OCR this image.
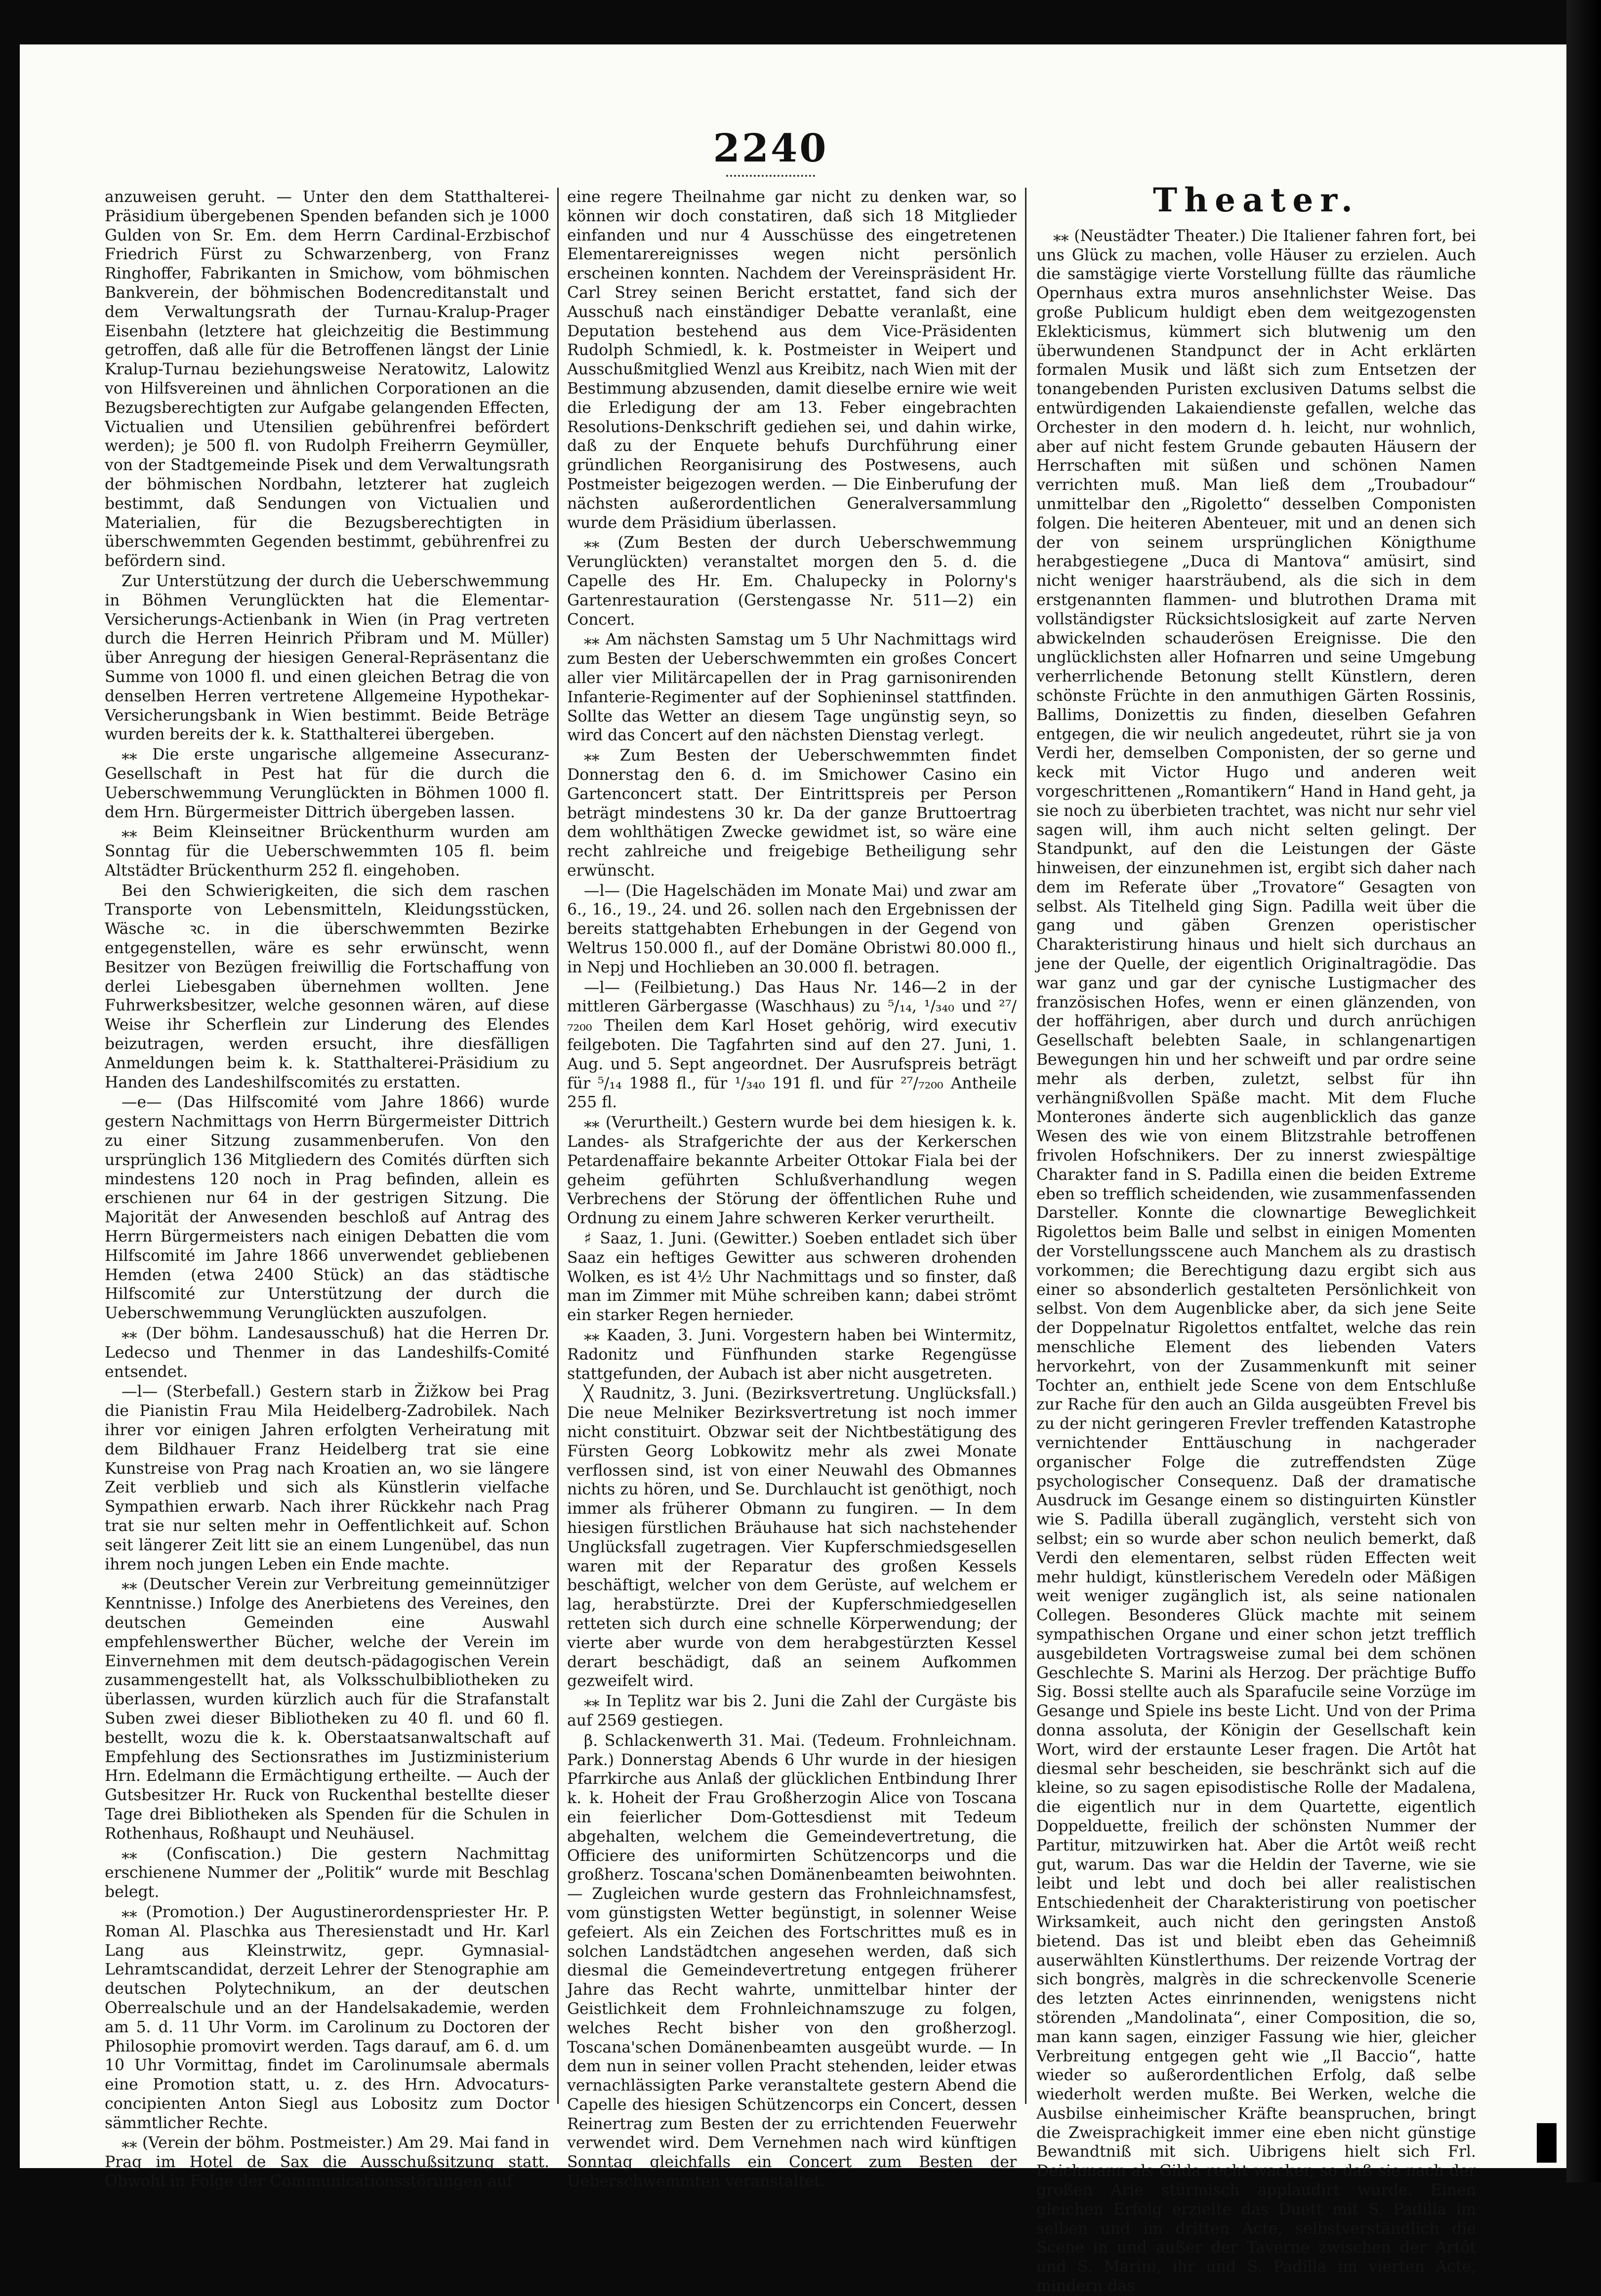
2240

anzuweisen geruht. — Unter den dem Statthalterei-Präsidium übergebenen Spenden befanden sich je 1000 Gulden von Sr. Em. dem Herrn Cardinal-Erzbischof Friedrich Fürst zu Schwarzenberg, von Franz Ringhoffer, Fabrikanten in Smichow, vom böhmischen Bankverein, der böhmischen Bodencreditanstalt und dem Verwaltungsrath der Turnau-Kralup-Prager Eisenbahn (letztere hat gleichzeitig die Bestimmung getroffen, daß alle für die Betroffenen längst der Linie Kralup-Turnau beziehungsweise Neratowitz, Lalowitz von Hilfsvereinen und ähnlichen Corporationen an die Bezugsberechtigten zur Aufgabe gelangenden Effecten, Victualien und Utensilien gebührenfrei befördert werden); je 500 fl. von Rudolph Freiherrn Geymüller, von der Stadtgemeinde Pisek und dem Verwaltungsrath der böhmischen Nordbahn, letzterer hat zugleich bestimmt, daß Sendungen von Victualien und Materialien, für die Bezugsberechtigten in überschwemmten Gegenden bestimmt, gebührenfrei zu befördern sind.

Zur Unterstützung der durch die Ueberschwemmung in Böhmen Verunglückten hat die Elementar-Versicherungs-Actienbank in Wien (in Prag vertreten durch die Herren Heinrich Přibram und M. Müller) über Anregung der hiesigen General-Repräsentanz die Summe von 1000 fl. und einen gleichen Betrag die von denselben Herren vertretene Allgemeine Hypothekar-Versicherungsbank in Wien bestimmt. Beide Beträge wurden bereits der k. k. Statthalterei übergeben.

⁎⁎ Die erste ungarische allgemeine Assecuranz-Gesellschaft in Pest hat für die durch die Ueberschwemmung Verunglückten in Böhmen 1000 fl. dem Hrn. Bürgermeister Dittrich übergeben lassen.

⁎⁎ Beim Kleinseitner Brückenthurm wurden am Sonntag für die Ueberschwemmten 105 fl. beim Altstädter Brückenthurm 252 fl. eingehoben.

Bei den Schwierigkeiten, die sich dem raschen Transporte von Lebensmitteln, Kleidungsstücken, Wäsche ꝛc. in die überschwemmten Bezirke entgegenstellen, wäre es sehr erwünscht, wenn Besitzer von Bezügen freiwillig die Fortschaffung von derlei Liebesgaben übernehmen wollten. Jene Fuhrwerksbesitzer, welche gesonnen wären, auf diese Weise ihr Scherflein zur Linderung des Elendes beizutragen, werden ersucht, ihre diesfälligen Anmeldungen beim k. k. Statthalterei-Präsidium zu Handen des Landeshilfscomités zu erstatten.

—e— (Das Hilfscomité vom Jahre 1866) wurde gestern Nachmittags von Herrn Bürgermeister Dittrich zu einer Sitzung zusammenberufen. Von den ursprünglich 136 Mitgliedern des Comités dürften sich mindestens 120 noch in Prag befinden, allein es erschienen nur 64 in der gestrigen Sitzung. Die Majorität der Anwesenden beschloß auf Antrag des Herrn Bürgermeisters nach einigen Debatten die vom Hilfscomité im Jahre 1866 unverwendet gebliebenen Hemden (etwa 2400 Stück) an das städtische Hilfscomité zur Unterstützung der durch die Ueberschwemmung Verunglückten auszufolgen.

⁎⁎ (Der böhm. Landesausschuß) hat die Herren Dr. Ledecso und Thenmer in das Landeshilfs-Comité entsendet.

—l— (Sterbefall.) Gestern starb in Žižkow bei Prag die Pianistin Frau Mila Heidelberg-Zadrobilek. Nach ihrer vor einigen Jahren erfolgten Verheiratung mit dem Bildhauer Franz Heidelberg trat sie eine Kunstreise von Prag nach Kroatien an, wo sie längere Zeit verblieb und sich als Künstlerin vielfache Sympathien erwarb. Nach ihrer Rückkehr nach Prag trat sie nur selten mehr in Oeffentlichkeit auf. Schon seit längerer Zeit litt sie an einem Lungenübel, das nun ihrem noch jungen Leben ein Ende machte.

⁎⁎ (Deutscher Verein zur Verbreitung gemeinnütziger Kenntnisse.) Infolge des Anerbietens des Vereines, den deutschen Gemeinden eine Auswahl empfehlenswerther Bücher, welche der Verein im Einvernehmen mit dem deutsch-pädagogischen Verein zusammengestellt hat, als Volksschulbibliotheken zu überlassen, wurden kürzlich auch für die Strafanstalt Suben zwei dieser Bibliotheken zu 40 fl. und 60 fl. bestellt, wozu die k. k. Oberstaatsanwaltschaft auf Empfehlung des Sectionsrathes im Justizministerium Hrn. Edelmann die Ermächtigung ertheilte. — Auch der Gutsbesitzer Hr. Ruck von Ruckenthal bestellte dieser Tage drei Bibliotheken als Spenden für die Schulen in Rothenhaus, Roßhaupt und Neuhäusel.

⁎⁎ (Confiscation.) Die gestern Nachmittag erschienene Nummer der „Politik“ wurde mit Beschlag belegt.

⁎⁎ (Promotion.) Der Augustinerordenspriester Hr. P. Roman Al. Plaschka aus Theresienstadt und Hr. Karl Lang aus Kleinstrwitz, gepr. Gymnasial-Lehramtscandidat, derzeit Lehrer der Stenographie am deutschen Polytechnikum, an der deutschen Oberrealschule und an der Handelsakademie, werden am 5. d. 11 Uhr Vorm. im Carolinum zu Doctoren der Philosophie promovirt werden. Tags darauf, am 6. d. um 10 Uhr Vormittag, findet im Carolinumsale abermals eine Promotion statt, u. z. des Hrn. Advocaturs-concipienten Anton Siegl aus Lobositz zum Doctor sämmtlicher Rechte.

⁎⁎ (Verein der böhm. Postmeister.) Am 29. Mai fand in Prag im Hotel de Sax die Ausschußsitzung statt. Obwohl in Folge der Communicationsstörungen auf

eine regere Theilnahme gar nicht zu denken war, so können wir doch constatiren, daß sich 18 Mitglieder einfanden und nur 4 Ausschüsse des eingetretenen Elementarereignisses wegen nicht persönlich erscheinen konnten. Nachdem der Vereinspräsident Hr. Carl Strey seinen Bericht erstattet, fand sich der Ausschuß nach einständiger Debatte veranlaßt, eine Deputation bestehend aus dem Vice-Präsidenten Rudolph Schmiedl, k. k. Postmeister in Weipert und Ausschußmitglied Wenzl aus Kreibitz, nach Wien mit der Bestimmung abzusenden, damit dieselbe ernire wie weit die Erledigung der am 13. Feber eingebrachten Resolutions-Denkschrift gediehen sei, und dahin wirke, daß zu der Enquete behufs Durchführung einer gründlichen Reorganisirung des Postwesens, auch Postmeister beigezogen werden. — Die Einberufung der nächsten außerordentlichen Generalversammlung wurde dem Präsidium überlassen.

⁎⁎ (Zum Besten der durch Ueberschwemmung Verunglückten) veranstaltet morgen den 5. d. die Capelle des Hr. Em. Chalupecky in Polorny's Gartenrestauration (Gerstengasse Nr. 511—2) ein Concert.

⁎⁎ Am nächsten Samstag um 5 Uhr Nachmittags wird zum Besten der Ueberschwemmten ein großes Concert aller vier Militärcapellen der in Prag garnisonirenden Infanterie-Regimenter auf der Sophieninsel stattfinden. Sollte das Wetter an diesem Tage ungünstig seyn, so wird das Concert auf den nächsten Dienstag verlegt.

⁎⁎ Zum Besten der Ueberschwemmten findet Donnerstag den 6. d. im Smichower Casino ein Gartenconcert statt. Der Eintrittspreis per Person beträgt mindestens 30 kr. Da der ganze Bruttoertrag dem wohlthätigen Zwecke gewidmet ist, so wäre eine recht zahlreiche und freigebige Betheiligung sehr erwünscht.

—l— (Die Hagelschäden im Monate Mai) und zwar am 6., 16., 19., 24. und 26. sollen nach den Ergebnissen der bereits stattgehabten Erhebungen in der Gegend von Weltrus 150.000 fl., auf der Domäne Obristwi 80.000 fl., in Nepj und Hochlieben an 30.000 fl. betragen.

—l— (Feilbietung.) Das Haus Nr. 146—2 in der mittleren Gärbergasse (Waschhaus) zu ⁵/₁₄, ¹/₃₄₀ und ²⁷/₇₂₀₀ Theilen dem Karl Hoset gehörig, wird executiv feilgeboten. Die Tagfahrten sind auf den 27. Juni, 1. Aug. und 5. Sept angeordnet. Der Ausrufspreis beträgt für ⁵/₁₄ 1988 fl., für ¹/₃₄₀ 191 fl. und für ²⁷/₇₂₀₀ Antheile 255 fl.

⁎⁎ (Verurtheilt.) Gestern wurde bei dem hiesigen k. k. Landes- als Strafgerichte der aus der Kerkerschen Petardenaffaire bekannte Arbeiter Ottokar Fiala bei der geheim geführten Schlußverhandlung wegen Verbrechens der Störung der öffentlichen Ruhe und Ordnung zu einem Jahre schweren Kerker verurtheilt.

♯ Saaz, 1. Juni. (Gewitter.) Soeben entladet sich über Saaz ein heftiges Gewitter aus schweren drohenden Wolken, es ist 4½ Uhr Nachmittags und so finster, daß man im Zimmer mit Mühe schreiben kann; dabei strömt ein starker Regen hernieder.

⁎⁎ Kaaden, 3. Juni. Vorgestern haben bei Wintermitz, Radonitz und Fünfhunden starke Regengüsse stattgefunden, der Aubach ist aber nicht ausgetreten.

╳ Raudnitz, 3. Juni. (Bezirksvertretung. Unglücksfall.) Die neue Melniker Bezirksvertretung ist noch immer nicht constituirt. Obzwar seit der Nichtbestätigung des Fürsten Georg Lobkowitz mehr als zwei Monate verflossen sind, ist von einer Neuwahl des Obmannes nichts zu hören, und Se. Durchlaucht ist genöthigt, noch immer als früherer Obmann zu fungiren. — In dem hiesigen fürstlichen Bräuhause hat sich nachstehender Unglücksfall zugetragen. Vier Kupferschmiedsgesellen waren mit der Reparatur des großen Kessels beschäftigt, welcher von dem Gerüste, auf welchem er lag, herabstürzte. Drei der Kupferschmiedgesellen retteten sich durch eine schnelle Körperwendung; der vierte aber wurde von dem herabgestürzten Kessel derart beschädigt, daß an seinem Aufkommen gezweifelt wird.

⁎⁎ In Teplitz war bis 2. Juni die Zahl der Curgäste bis auf 2569 gestiegen.

β. Schlackenwerth 31. Mai. (Tedeum. Frohnleichnam. Park.) Donnerstag Abends 6 Uhr wurde in der hiesigen Pfarrkirche aus Anlaß der glücklichen Entbindung Ihrer k. k. Hoheit der Frau Großherzogin Alice von Toscana ein feierlicher Dom-Gottesdienst mit Tedeum abgehalten, welchem die Gemeindevertretung, die Officiere des uniformirten Schützencorps und die großherz. Toscana'schen Domänenbeamten beiwohnten. — Zugleichen wurde gestern das Frohnleichnamsfest, vom günstigsten Wetter begünstigt, in solenner Weise gefeiert. Als ein Zeichen des Fortschrittes muß es in solchen Landstädtchen angesehen werden, daß sich diesmal die Gemeindevertretung entgegen früherer Jahre das Recht wahrte, unmittelbar hinter der Geistlichkeit dem Frohnleichnamszuge zu folgen, welches Recht bisher von den großherzogl. Toscana'schen Domänenbeamten ausgeübt wurde. — In dem nun in seiner vollen Pracht stehenden, leider etwas vernachlässigten Parke veranstaltete gestern Abend die Capelle des hiesigen Schützencorps ein Concert, dessen Reinertrag zum Besten der zu errichtenden Feuerwehr verwendet wird. Dem Vernehmen nach wird künftigen Sonntag gleichfalls ein Concert zum Besten der Ueberschwemmten veranstaltet.

Theater.

⁎⁎ (Neustädter Theater.) Die Italiener fahren fort, bei uns Glück zu machen, volle Häuser zu erzielen. Auch die samstägige vierte Vorstellung füllte das räumliche Opernhaus extra muros ansehnlichster Weise. Das große Publicum huldigt eben dem weitgezogensten Eklekticismus, kümmert sich blutwenig um den überwundenen Standpunct der in Acht erklärten formalen Musik und läßt sich zum Entsetzen der tonangebenden Puristen exclusiven Datums selbst die entwürdigenden Lakaiendienste gefallen, welche das Orchester in den modern d. h. leicht, nur wohnlich, aber auf nicht festem Grunde gebauten Häusern der Herrschaften mit süßen und schönen Namen verrichten muß. Man ließ dem „Troubadour“ unmittelbar den „Rigoletto“ desselben Componisten folgen. Die heiteren Abenteuer, mit und an denen sich der von seinem ursprünglichen Königthume herabgestiegene „Duca di Mantova“ amüsirt, sind nicht weniger haarsträubend, als die sich in dem erstgenannten flammen- und blutrothen Drama mit vollständigster Rücksichtslosigkeit auf zarte Nerven abwickelnden schauderösen Ereignisse. Die den unglücklichsten aller Hofnarren und seine Umgebung verherrlichende Betonung stellt Künstlern, deren schönste Früchte in den anmuthigen Gärten Rossinis, Ballims, Donizettis zu finden, dieselben Gefahren entgegen, die wir neulich angedeutet, rührt sie ja von Verdi her, demselben Componisten, der so gerne und keck mit Victor Hugo und anderen weit vorgeschrittenen „Romantikern“ Hand in Hand geht, ja sie noch zu überbieten trachtet, was nicht nur sehr viel sagen will, ihm auch nicht selten gelingt. Der Standpunkt, auf den die Leistungen der Gäste hinweisen, der einzunehmen ist, ergibt sich daher nach dem im Referate über „Trovatore“ Gesagten von selbst. Als Titelheld ging Sign. Padilla weit über die gang und gäben Grenzen operistischer Charakteristirung hinaus und hielt sich durchaus an jene der Quelle, der eigentlich Originaltragödie. Das war ganz und gar der cynische Lustigmacher des französischen Hofes, wenn er einen glänzenden, von der hoffährigen, aber durch und durch anrüchigen Gesellschaft belebten Saale, in schlangenartigen Bewegungen hin und her schweift und par ordre seine mehr als derben, zuletzt, selbst für ihn verhängnißvollen Späße macht. Mit dem Fluche Monterones änderte sich augenblicklich das ganze Wesen des wie von einem Blitzstrahle betroffenen frivolen Hofschnikers. Der zu innerst zwiespältige Charakter fand in S. Padilla einen die beiden Extreme eben so trefflich scheidenden, wie zusammenfassenden Darsteller. Konnte die clownartige Beweglichkeit Rigolettos beim Balle und selbst in einigen Momenten der Vorstellungsscene auch Manchem als zu drastisch vorkommen; die Berechtigung dazu ergibt sich aus einer so absonderlich gestalteten Persönlichkeit von selbst. Von dem Augenblicke aber, da sich jene Seite der Doppelnatur Rigolettos entfaltet, welche das rein menschliche Element des liebenden Vaters hervorkehrt, von der Zusammenkunft mit seiner Tochter an, enthielt jede Scene von dem Entschluße zur Rache für den auch an Gilda ausgeübten Frevel bis zu der nicht geringeren Frevler treffenden Katastrophe vernichtender Enttäuschung in nachgerader organischer Folge die zutreffendsten Züge psychologischer Consequenz. Daß der dramatische Ausdruck im Gesange einem so distinguirten Künstler wie S. Padilla überall zugänglich, versteht sich von selbst; ein so wurde aber schon neulich bemerkt, daß Verdi den elementaren, selbst rüden Effecten weit mehr huldigt, künstlerischem Veredeln oder Mäßigen weit weniger zugänglich ist, als seine nationalen Collegen. Besonderes Glück machte mit seinem sympathischen Organe und einer schon jetzt trefflich ausgebildeten Vortragsweise zumal bei dem schönen Geschlechte S. Marini als Herzog. Der prächtige Buffo Sig. Bossi stellte auch als Sparafucile seine Vorzüge im Gesange und Spiele ins beste Licht. Und von der Prima donna assoluta, der Königin der Gesellschaft kein Wort, wird der erstaunte Leser fragen. Die Artôt hat diesmal sehr bescheiden, sie beschränkt sich auf die kleine, so zu sagen episodistische Rolle der Madalena, die eigentlich nur in dem Quartette, eigentlich Doppelduette, freilich der schönsten Nummer der Partitur, mitzuwirken hat. Aber die Artôt weiß recht gut, warum. Das war die Heldin der Taverne, wie sie leibt und lebt und doch bei aller realistischen Entschiedenheit der Charakteristirung von poetischer Wirksamkeit, auch nicht den geringsten Anstoß bietend. Das ist und bleibt eben das Geheimniß auserwählten Künstlerthums. Der reizende Vortrag der sich bongrès, malgrès in die schreckenvolle Scenerie des letzten Actes einrinnenden, wenigstens nicht störenden „Mandolinata“, einer Composition, die so, man kann sagen, einziger Fassung wie hier, gleicher Verbreitung entgegen geht wie „Il Baccio“, hatte wieder so außerordentlichen Erfolg, daß selbe wiederholt werden mußte. Bei Werken, welche die Ausbilse einheimischer Kräfte beanspruchen, bringt die Zweisprachigkeit immer eine eben nicht günstige Bewandtniß mit sich. Uibrigens hielt sich Frl. Deichmann als Gilda recht wacker, so daß sie nach der großen Arie stürmisch applaudirt wurde. Einen gleichen Erfolg erzielte das Duett mit S. Padilla im selben und im dritten Acte, selbstverständlich die Scene in und außer der Taverne zwischen der Artôt und S. Marini, ihr und S. Padilla im vierten Acte, mindern das
